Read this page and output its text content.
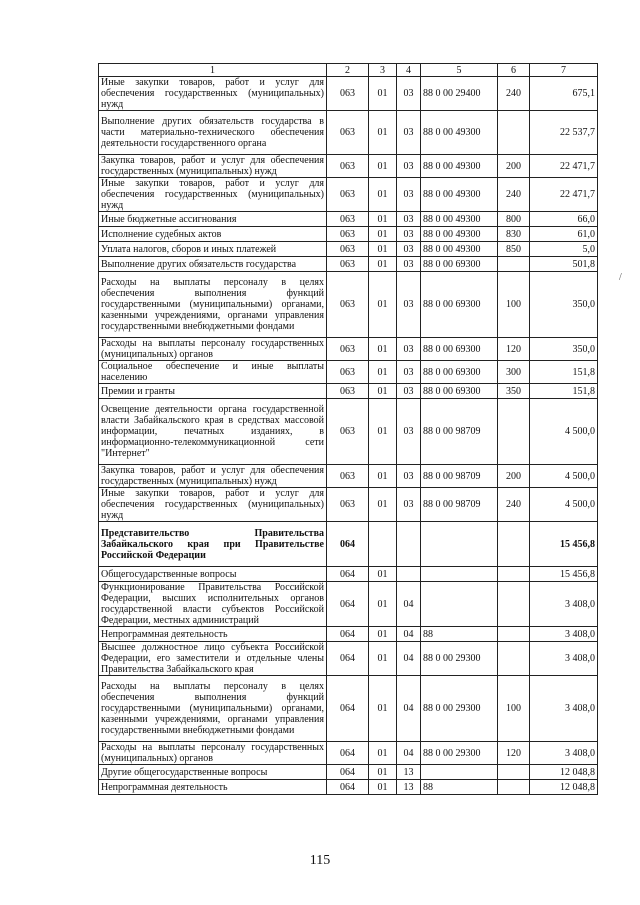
1	2	3	4	5	6	7
Иные закупки товаров, работ и услуг для обеспечения государственных (муниципальных) нужд	063	01	03	88 0 00 29400	240	675,1
Выполнение других обязательств государства в части материально-технического обеспечения деятельности государственного органа	063	01	03	88 0 00 49300		22 537,7
Закупка товаров, работ и услуг для обеспечения государственных (муниципальных) нужд	063	01	03	88 0 00 49300	200	22 471,7
Иные закупки товаров, работ и услуг для обеспечения государственных (муниципальных) нужд	063	01	03	88 0 00 49300	240	22 471,7
Иные бюджетные ассигнования	063	01	03	88 0 00 49300	800	66,0
Исполнение судебных актов	063	01	03	88 0 00 49300	830	61,0
Уплата налогов, сборов и иных платежей	063	01	03	88 0 00 49300	850	5,0
Выполнение других обязательств государства	063	01	03	88 0 00 69300		501,8
Расходы на выплаты персоналу в целях обеспечения выполнения функций государственными (муниципальными) органами, казенными учреждениями, органами управления государственными внебюджетными фондами	063	01	03	88 0 00 69300	100	350,0
Расходы на выплаты персоналу государственных (муниципальных) органов	063	01	03	88 0 00 69300	120	350,0
Социальное обеспечение и иные выплаты населению	063	01	03	88 0 00 69300	300	151,8
Премии и гранты	063	01	03	88 0 00 69300	350	151,8
Освещение деятельности органа государственной власти Забайкальского края в средствах массовой информации, печатных изданиях, в информационно-телекоммуникационной сети "Интернет"	063	01	03	88 0 00 98709		4 500,0
Закупка товаров, работ и услуг для обеспечения государственных (муниципальных) нужд	063	01	03	88 0 00 98709	200	4 500,0
Иные закупки товаров, работ и услуг для обеспечения государственных (муниципальных) нужд	063	01	03	88 0 00 98709	240	4 500,0
Представительство Правительства Забайкальского края при Правительстве Российской Федерации	064					15 456,8
Общегосударственные вопросы	064	01				15 456,8
Функционирование Правительства Российской Федерации, высших исполнительных органов государственной власти субъектов Российской Федерации, местных администраций	064	01	04			3 408,0
Непрограммная деятельность	064	01	04	88		3 408,0
Высшее должностное лицо субъекта Российской Федерации, его заместители и отдельные члены Правительства Забайкальского края	064	01	04	88 0 00 29300		3 408,0
Расходы на выплаты персоналу в целях обеспечения выполнения функций государственными (муниципальными) органами, казенными учреждениями, органами управления государственными внебюджетными фондами	064	01	04	88 0 00 29300	100	3 408,0
Расходы на выплаты персоналу государственных (муниципальных) органов	064	01	04	88 0 00 29300	120	3 408,0
Другие общегосударственные вопросы	064	01	13			12 048,8
Непрограммная деятельность	064	01	13	88		12 048,8
115
/
